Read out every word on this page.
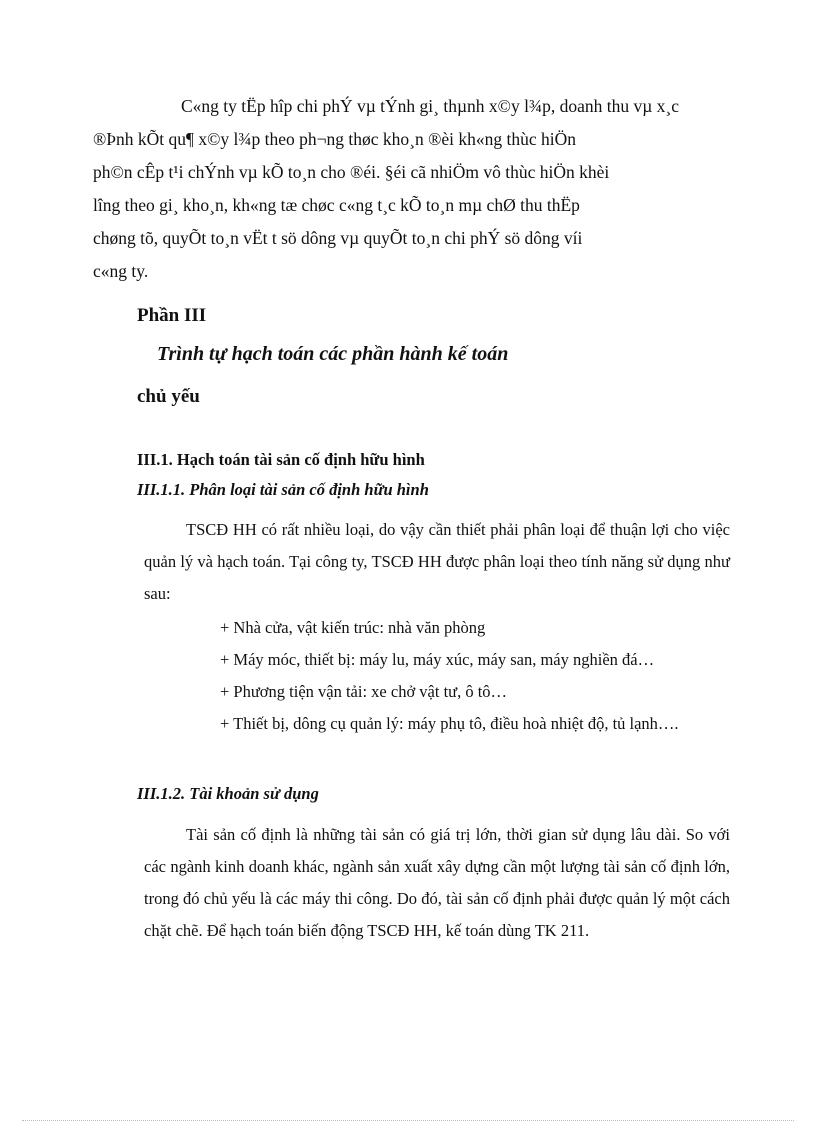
C«ng ty tËp hîp chi phÝ vµ tÝnh gi¸ thµnh x©y l¾p, doanh thu vµ x¸c
®Þnh kÕt qu¶ x©y l¾p theo ph¬ng thøc kho¸n ®èi kh«ng thùc hiÖn
ph©n cÊp t¹i chÝnh vµ kÕ to¸n cho ®éi. §éi cã nhiÖm vô thùc hiÖn khèi
lîng theo gi¸ kho¸n, kh«ng tæ chøc c«ng t¸c kÕ to¸n mµ chØ thu thËp
chøng tõ, quyÕt to¸n vËt t sö dông vµ quyÕt to¸n chi phÝ sö dông víi
c«ng ty.
Phần III
Trình tự hạch toán các phần hành kế toán
chủ yếu
III.1. Hạch toán tài sản cố định hữu hình
III.1.1. Phân loại tài sản cố định hữu hình
TSCĐ HH có rất nhiều loại, do vậy cần thiết phải phân loại để thuận lợi cho việc quản lý và hạch toán. Tại công ty, TSCĐ HH được phân loại theo tính năng sử dụng như sau:
+ Nhà cửa, vật kiến trúc: nhà văn phòng
+ Máy móc, thiết bị: máy lu, máy xúc, máy san, máy nghiền đá…
+ Phương tiện vận tải: xe chở vật tư, ô tô…
+ Thiết bị, dông cụ quản lý: máy phụ tô, điều hoà nhiệt độ, tủ lạnh….
III.1.2. Tài khoản sử dụng
Tài sản cố định là những tài sản có giá trị lớn, thời gian sử dụng lâu dài. So với các ngành kinh doanh khác, ngành sản xuất xây dựng cần một lượng tài sản cố định lớn, trong đó chủ yếu là các máy thi công. Do đó, tài sản cố định phải được quản lý một cách chặt chẽ. Để hạch toán biến động TSCĐ HH, kế toán dùng TK 211.
